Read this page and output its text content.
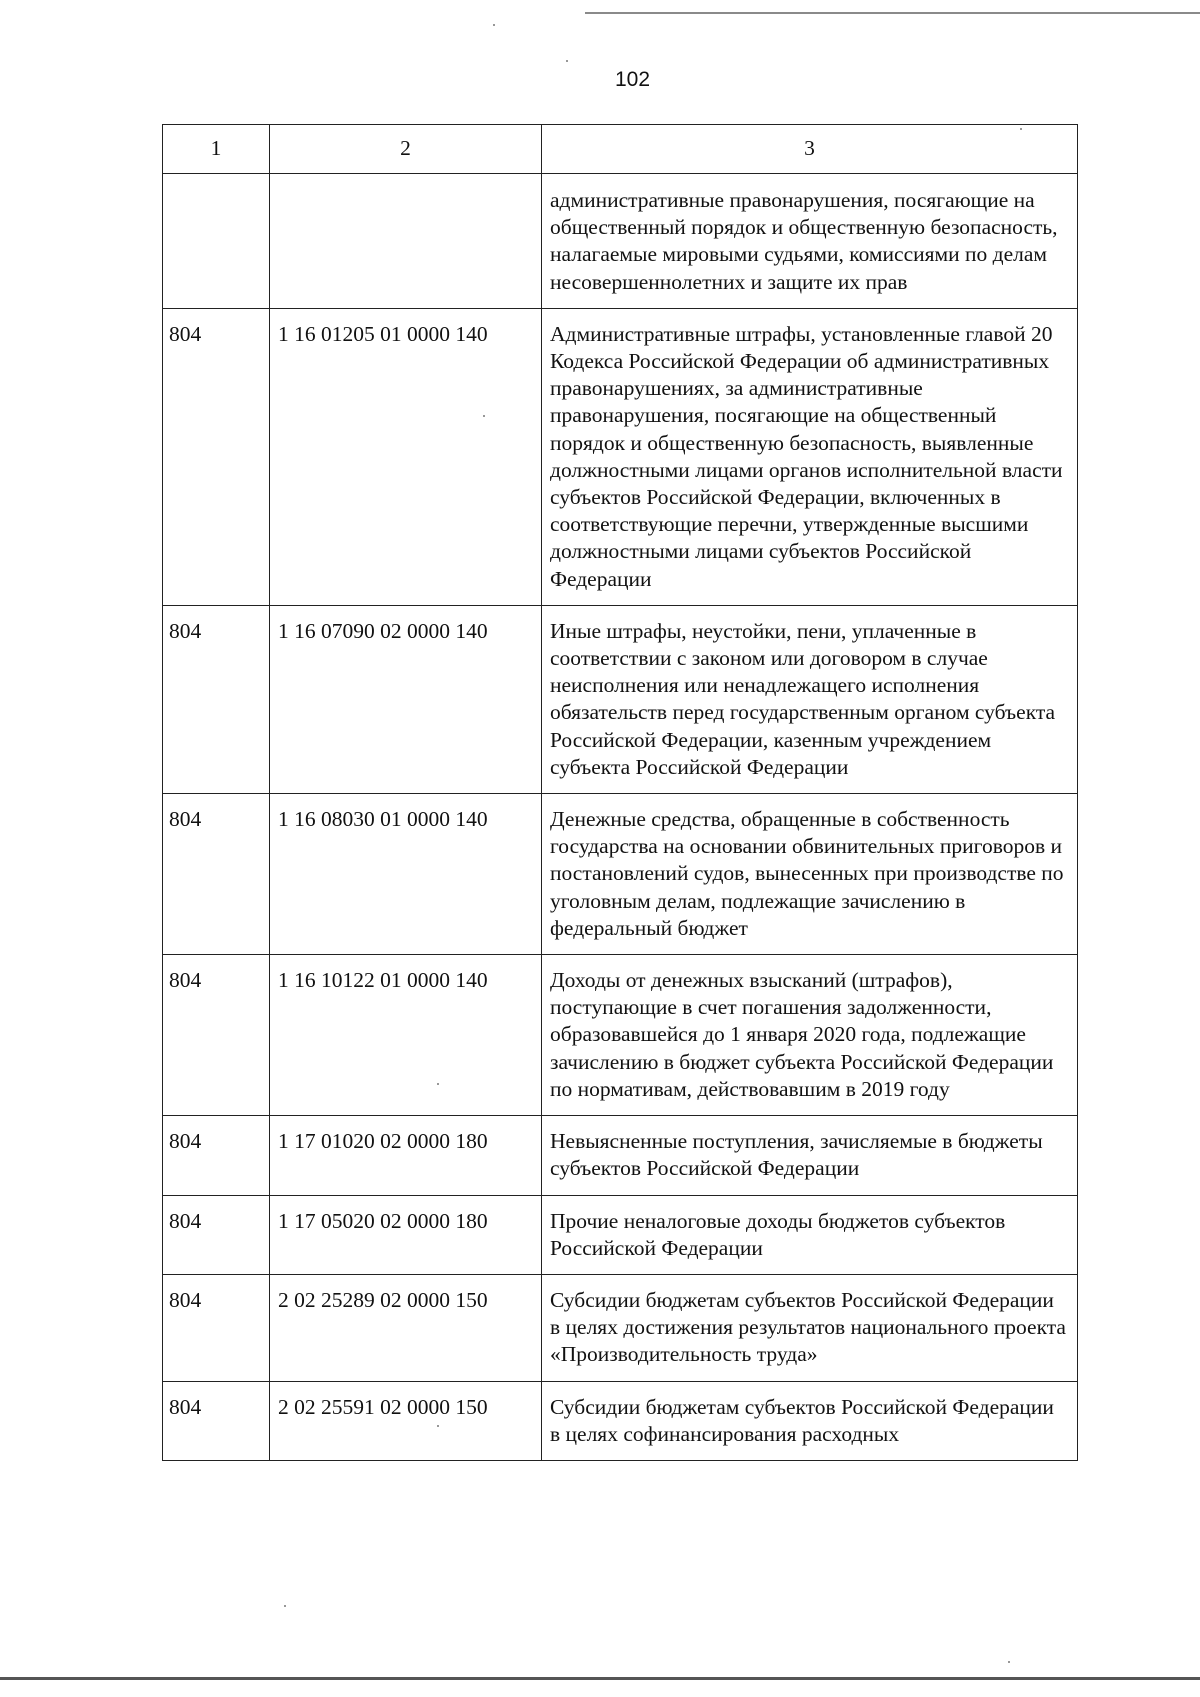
102
1	2	3
		административные правонарушения, посягающие на общественный порядок и общественную безопасность, налагаемые мировыми судьями, комиссиями по делам несовершеннолетних и защите их прав
804	1 16 01205 01 0000 140	Административные штрафы, установленные главой 20 Кодекса Российской Федерации об административных правонарушениях, за административные правонарушения, посягающие на общественный порядок и общественную безопасность, выявленные должностными лицами органов исполнительной власти субъектов Российской Федерации, включенных в соответствующие перечни, утвержденные высшими должностными лицами субъектов Российской Федерации
804	1 16 07090 02 0000 140	Иные штрафы, неустойки, пени, уплаченные в соответствии с законом или договором в случае неисполнения или ненадлежащего исполнения обязательств перед государственным органом субъекта Российской Федерации, казенным учреждением субъекта Российской Федерации
804	1 16 08030 01 0000 140	Денежные средства, обращенные в собственность государства на основании обвинительных приговоров и постановлений судов, вынесенных при производстве по уголовным делам, подлежащие зачислению в федеральный бюджет
804	1 16 10122 01 0000 140	Доходы от денежных взысканий (штрафов), поступающие в счет погашения задолженности, образовавшейся до 1 января 2020 года, подлежащие зачислению в бюджет субъекта Российской Федерации по нормативам, действовавшим в 2019 году
804	1 17 01020 02 0000 180	Невыясненные поступления, зачисляемые в бюджеты субъектов Российской Федерации
804	1 17 05020 02 0000 180	Прочие неналоговые доходы бюджетов субъектов Российской Федерации
804	2 02 25289 02 0000 150	Субсидии бюджетам субъектов Российской Федерации в целях достижения результатов национального проекта «Производительность труда»
804	2 02 25591 02 0000 150	Субсидии бюджетам субъектов Российской Федерации в целях софинансирования расходных
